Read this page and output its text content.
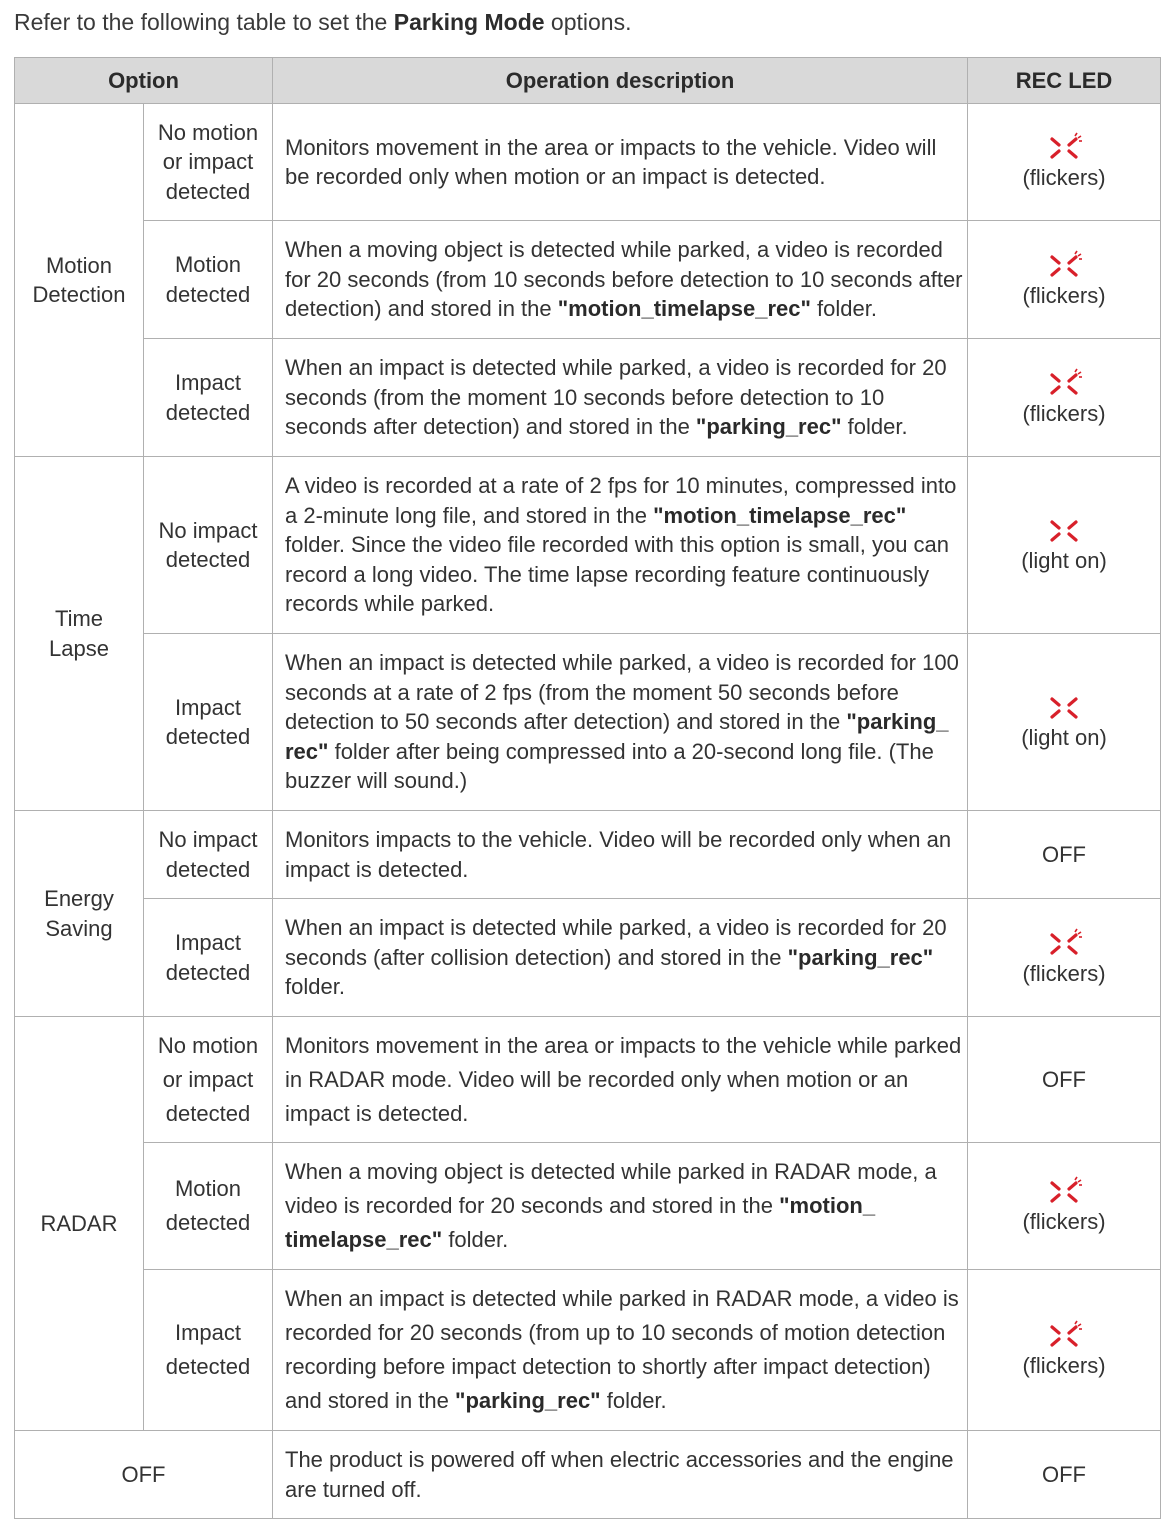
Refer to the following table to set the Parking Mode options.
Option		Operation description	REC LED

Motion
Detection	No motion
or impact
detected	Monitors movement in the area or impacts to the vehicle. Video will be recorded only when motion or an impact is detected.	(flickers)

	Motion
detected	When a moving object is detected while parked, a video is recorded for 20 seconds (from 10 seconds before detection to 10 seconds after detection) and stored in the "motion_timelapse_rec" folder.	(flickers)

	Impact
detected	When an impact is detected while parked, a video is recorded for 20 seconds (from the moment 10 seconds before detection to 10 seconds after detection) and stored in the "parking_rec" folder.	(flickers)

Time
Lapse	No impact
detected	A video is recorded at a rate of 2 fps for 10 minutes, compressed into a 2-minute long file, and stored in the "motion_timelapse_rec" folder. Since the video file recorded with this option is small, you can record a long video. The time lapse recording feature continuously records while parked.	(light on)

	Impact
detected	When an impact is detected while parked, a video is recorded for 100 seconds at a rate of 2 fps (from the moment 50 seconds before detection to 50 seconds after detection) and stored in the "parking_ rec" folder after being compressed into a 20-second long file. (The buzzer will sound.)	(light on)

Energy
Saving	No impact
detected	Monitors impacts to the vehicle. Video will be recorded only when an impact is detected.	OFF

	Impact
detected	When an impact is detected while parked, a video is recorded for 20 seconds (after collision detection) and stored in the "parking_rec" folder.	(flickers)

RADAR	No motion
or impact
detected	Monitors movement in the area or impacts to the vehicle while parked in RADAR mode. Video will be recorded only when motion or an impact is detected.	OFF

	Motion
detected	When a moving object is detected while parked in RADAR mode, a video is recorded for 20 seconds and stored in the "motion_ timelapse_rec" folder.	(flickers)

	Impact
detected	When an impact is detected while parked in RADAR mode, a video is recorded for 20 seconds (from up to 10 seconds of motion detection recording before impact detection to shortly after impact detection) and stored in the "parking_rec" folder.	(flickers)

OFF		The product is powered off when electric accessories and the engine are turned off.	OFF
